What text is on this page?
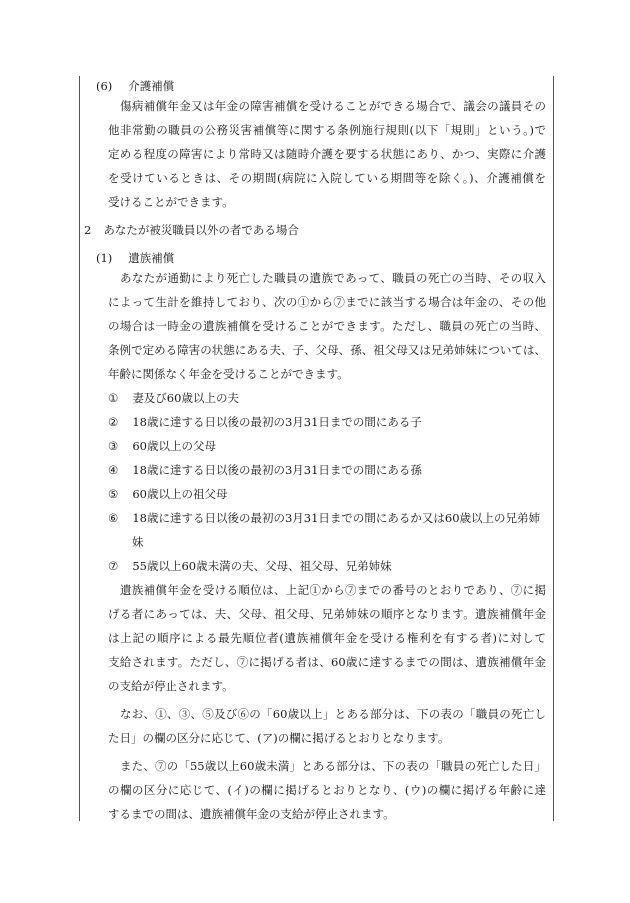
(6) 介護補償
傷病補償年金又は年金の障害補償を受けることができる場合で、議会の議員その
他非常勤の職員の公務災害補償等に関する条例施行規則(以下「規則」という。)で
定める程度の障害により常時又は随時介護を要する状態にあり、かつ、実際に介護
を受けているときは、その期間(病院に入院している期間等を除く。)、介護補償を
受けることができます。
2 あなたが被災職員以外の者である場合
(1) 遺族補償
あなたが通勤により死亡した職員の遺族であって、職員の死亡の当時、その収入
によって生計を維持しており、次の①から⑦までに該当する場合は年金の、その他
の場合は一時金の遺族補償を受けることができます。ただし、職員の死亡の当時、
条例で定める障害の状態にある夫、子、父母、孫、祖父母又は兄弟姉妹については、
年齢に関係なく年金を受けることができます。
① 妻及び60歳以上の夫
② 18歳に達する日以後の最初の3月31日までの間にある子
③ 60歳以上の父母
④ 18歳に達する日以後の最初の3月31日までの間にある孫
⑤ 60歳以上の祖父母
⑥ 18歳に達する日以後の最初の3月31日までの間にあるか又は60歳以上の兄弟姉
妹
⑦ 55歳以上60歳未満の夫、父母、祖父母、兄弟姉妹
遺族補償年金を受ける順位は、上記①から⑦までの番号のとおりであり、⑦に掲
げる者にあっては、夫、父母、祖父母、兄弟姉妹の順序となります。遺族補償年金
は上記の順序による最先順位者(遺族補償年金を受ける権利を有する者)に対して
支給されます。ただし、⑦に掲げる者は、60歳に達するまでの間は、遺族補償年金
の支給が停止されます。
なお、①、③、⑤及び⑥の「60歳以上」とある部分は、下の表の「職員の死亡し
た日」の欄の区分に応じて、(ア)の欄に掲げるとおりとなります。
また、⑦の「55歳以上60歳未満」とある部分は、下の表の「職員の死亡した日」
の欄の区分に応じて、(イ)の欄に掲げるとおりとなり、(ウ)の欄に掲げる年齢に達
するまでの間は、遺族補償年金の支給が停止されます。
